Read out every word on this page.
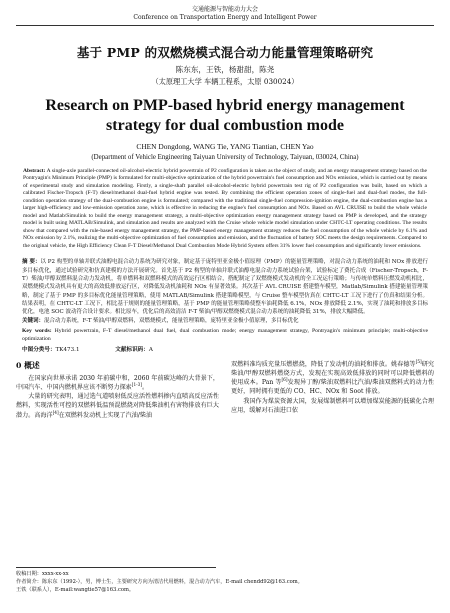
交通能源与智能动力大会
Conference on Transportation Energy and Intelligent Power
基于 PMP 的双燃烧模式混合动力能量管理策略研究
陈东东，王铁，杨甜甜，陈尧
（太原理工大学 车辆工程系，太原 030024）
Research on PMP-based hybrid energy management strategy for dual combustion mode
CHEN Dongdong, WANG Tie, YANG Tiantian, CHEN Yao
(Department of Vehicle Engineering Taiyuan University of Technology, Taiyuan, 030024, China)
Abstract: A single-axle parallel-connected oil-alcohol-electric hybrid powertrain of P2 configuration is taken as the object of study, and an energy management strategy based on the Pontryagin's Minimum Principle (PMP) is formulated for multi-objective optimization of the hybrid powertrain's fuel consumption and NOx emission, which is carried out by means of experimental study and simulation modeling. Firstly, a single-shaft parallel oil-alcohol-electric hybrid powertrain test rig of P2 configuration was built, based on which a calibrated Fischer-Tropsch (F-T) diesel/methanol dual-fuel hybrid engine was tested. By combining the efficient operation zones of single-fuel and dual-fuel modes, the full-condition operation strategy of the dual-combustion engine is formulated; compared with the traditional single-fuel compression-ignition engine, the dual-combustion engine has a larger high-efficiency and low-emission operation zone, which is effective in reducing the engine's fuel consumption and NOx. Based on AVL CRUISE to build the whole vehicle model and Matlab/Simulink to build the energy management strategy, a multi-objective optimization energy management strategy based on PMP is developed, and the strategy model is built using MATLAB/Simulink, and simulation and results are analyzed with the Cruise whole vehicle model simulation under CHTC-LT operating conditions. The results show that compared with the rule-based energy management strategy, the PMP-based energy management strategy reduces the fuel consumption of the whole vehicle by 6.1% and NOx emission by 2.1%, realizing the multi-objective optimization of fuel consumption and emission, and the fluctuation of battery SOC meets the design requirements. Compared to the original vehicle, the High Efficiency Clean F-T Diesel/Methanol Dual Combustion Mode Hybrid System offers 31% lower fuel consumption and significantly lower emissions.
摘 要：以 P2 构型的单轴并联式油醇电混合动力系统为研究对象，制定基于庞特里亚金极小值原理（PMP）的能量管理策略，对混合动力系统的油耗和 NOx 排放进行多目标优化，通过试验研究和仿真建模的方法开展研究。首先基于 P2 构型的单轴并联式油醇电混合动力系统试验台架，试验标定了费托合成（Fischer-Tropsch，F-T）柴油/甲醇双燃料混合动力发动机，将单燃料和双燃料模式的高效运行区相结合，搭配制定了双燃烧模式发动机的全工况运行策略；与传统单燃料压燃发动机相比，双燃烧模式发动机具有更大的高效低排放运行区，对降低发动机油耗和 NOx 有显著效果。其次基于 AVL CRUISE 搭建整车模型，Matlab/Simulink 搭建能量管理策略，制定了基于 PMP 的多目标优化能量管理策略，使用 MATLAB/Simulink 搭建策略模型，与 Cruise 整车模型仿真在 CHTC-LT 工况下进行了仿真和结果分析。结果表明，在 CHTC-LT 工况下，相比基于规则的能量管理策略，基于 PMP 的能量管理策略使整车油耗降低 6.1%，NOx 排放降低 2.1%，实现了油耗和排放多目标优化，电池 SOC 波动符合设计要求。相比原车，优化后的高效清洁 F-T 柴油/甲醇双燃烧模式混合动力系统的油耗降低 31%，排放大幅降低。
关键词：混合动力系统，F-T 柴油/甲醇双燃料，双燃烧模式，能量管理策略，庞特里亚金极小值原理，多目标优化
Key words: Hybrid powertrain, F-T diesel/methanol dual fuel, dual combustion mode; energy management strategy, Pontryagin's minimum principle; multi-objective optimization
中图分类号：TK473.1	文献标识码：A
0 概述

在国家向世界承诺 2030 年前碳中和，2060 年前碳达峰的大背景下，中国汽车、中国内燃机界应该不断努力探索[1-3]。

大量的研究表明，通过选气道喷射低反应活性燃料掺内直喷高反应活性燃料，实现活性可控的双燃料低温预混燃烧对降低柴油机有害物排放有巨大潜力。高海洋[4]在双燃料发动机上实现了汽油/柴油

双燃料准均质充量压燃燃烧，降低了发动机的油耗和排放。姚春德等[5]研究柴油/甲醇双燃料燃烧方式，发现在实现高效低排放的同时可以降低燃料的使用成本。Pan 等[6]发现异丁醇/柴油双燃料比汽油/柴油双燃料式的动力性更好，同时拥有更低的 CO、HC、NOx 和 Soot 排放。

我国作为煤炭资源大国，发展煤制燃料可以增加煤炭能源的低碳化合理应用，缓解对石油进口依

收稿日期：xxxx-xx-xx
作者简介：陈东东（1992-），男，博士生，主要研究方向为清洁代用燃料，混合动力汽车，E-mail chendd92@163.com。
王铁（联系人），E-mail:wangtie57@163.com。
